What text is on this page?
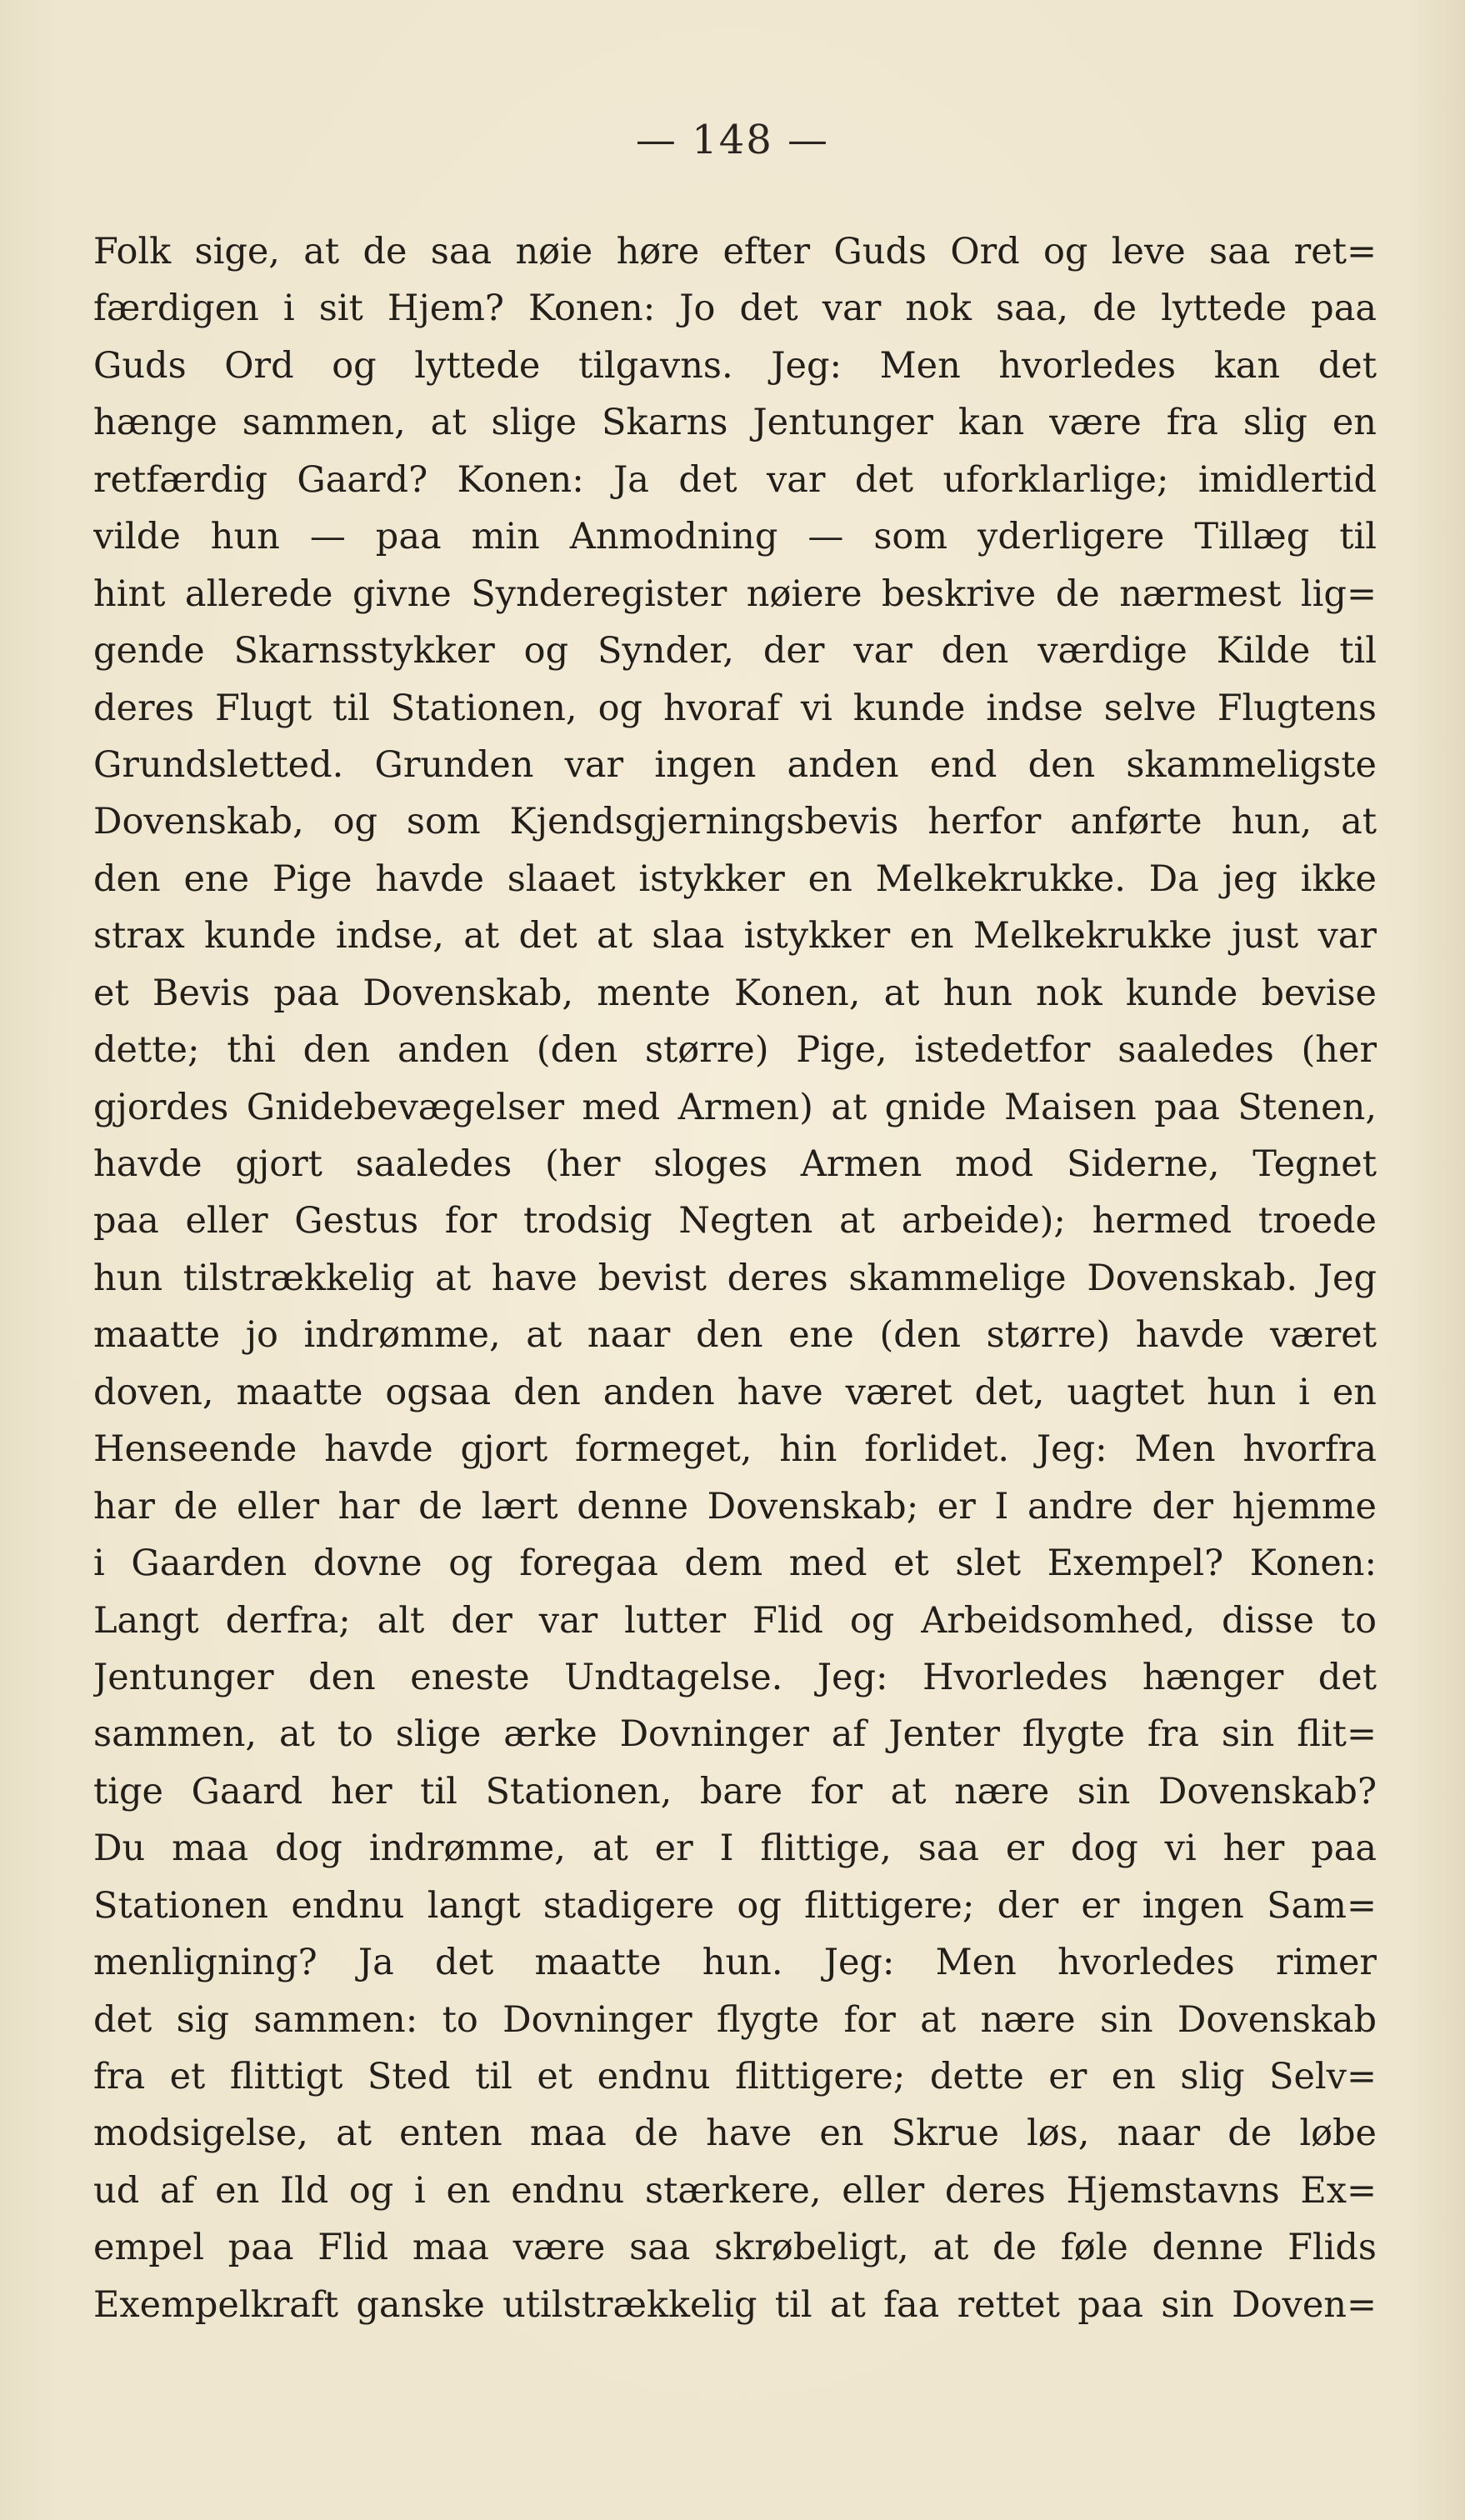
— 148 —
Folk sige, at de saa nøie høre efter Guds Ord og leve saa ret=
færdigen i sit Hjem? Konen: Jo det var nok saa, de lyttede paa
Guds Ord og lyttede tilgavns. Jeg: Men hvorledes kan det
hænge sammen, at slige Skarns Jentunger kan være fra slig en
retfærdig Gaard? Konen: Ja det var det uforklarlige; imidlertid
vilde hun — paa min Anmodning — som yderligere Tillæg til
hint allerede givne Synderegister nøiere beskrive de nærmest lig=
gende Skarnsstykker og Synder, der var den værdige Kilde til
deres Flugt til Stationen, og hvoraf vi kunde indse selve Flugtens
Grundsletted. Grunden var ingen anden end den skammeligste
Dovenskab, og som Kjendsgjerningsbevis herfor anførte hun, at
den ene Pige havde slaaet istykker en Melkekrukke. Da jeg ikke
strax kunde indse, at det at slaa istykker en Melkekrukke just var
et Bevis paa Dovenskab, mente Konen, at hun nok kunde bevise
dette; thi den anden (den større) Pige, istedetfor saaledes (her
gjordes Gnidebevægelser med Armen) at gnide Maisen paa Stenen,
havde gjort saaledes (her sloges Armen mod Siderne, Tegnet
paa eller Gestus for trodsig Negten at arbeide); hermed troede
hun tilstrækkelig at have bevist deres skammelige Dovenskab. Jeg
maatte jo indrømme, at naar den ene (den større) havde været
doven, maatte ogsaa den anden have været det, uagtet hun i en
Henseende havde gjort formeget, hin forlidet. Jeg: Men hvorfra
har de eller har de lært denne Dovenskab; er I andre der hjemme
i Gaarden dovne og foregaa dem med et slet Exempel? Konen:
Langt derfra; alt der var lutter Flid og Arbeidsomhed, disse to
Jentunger den eneste Undtagelse. Jeg: Hvorledes hænger det
sammen, at to slige ærke Dovninger af Jenter flygte fra sin flit=
tige Gaard her til Stationen, bare for at nære sin Dovenskab?
Du maa dog indrømme, at er I flittige, saa er dog vi her paa
Stationen endnu langt stadigere og flittigere; der er ingen Sam=
menligning? Ja det maatte hun. Jeg: Men hvorledes rimer
det sig sammen: to Dovninger flygte for at nære sin Dovenskab
fra et flittigt Sted til et endnu flittigere; dette er en slig Selv=
modsigelse, at enten maa de have en Skrue løs, naar de løbe
ud af en Ild og i en endnu stærkere, eller deres Hjemstavns Ex=
empel paa Flid maa være saa skrøbeligt, at de føle denne Flids
Exempelkraft ganske utilstrækkelig til at faa rettet paa sin Doven=
